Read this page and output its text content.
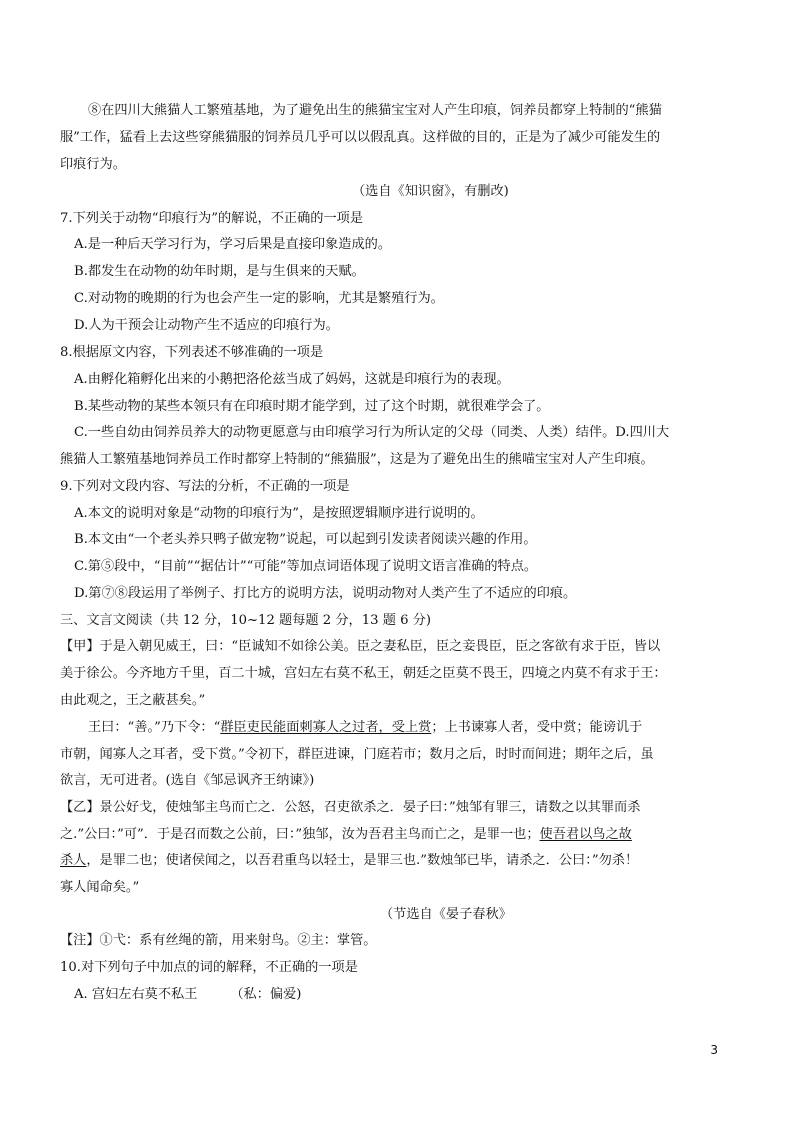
⑧在四川大熊猫人工繁殖基地，为了避免出生的熊猫宝宝对人产生印痕，饲养员都穿上特制的“熊猫
服”工作，猛看上去这些穿熊猫服的饲养员几乎可以以假乱真。这样做的目的，正是为了减少可能发生的
印痕行为。
（选自《知识窗》，有删改)
7.下列关于动物“印痕行为”的解说，不正确的一项是
A.是一种后天学习行为，学习后果是直接印象造成的。
B.都发生在动物的幼年时期，是与生俱来的天赋。
C.对动物的晚期的行为也会产生一定的影响，尤其是繁殖行为。
D.人为干预会让动物产生不适应的印痕行为。
8.根据原文内容，下列表述不够准确的一项是
A.由孵化箱孵化出来的小鹅把洛伦兹当成了妈妈，这就是印痕行为的表现。
B.某些动物的某些本领只有在印痕时期才能学到，过了这个时期，就很难学会了。
C.一些自幼由饲养员养大的动物更愿意与由印痕学习行为所认定的父母（同类、人类）结伴。D.四川大
熊猫人工繁殖基地饲养员工作时都穿上特制的“熊猫服”，这是为了避免出生的熊喵宝宝对人产生印痕。
9.下列对文段内容、写法的分析，不正确的一项是
A.本文的说明对象是“动物的印痕行为”，是按照逻辑顺序进行说明的。
B.本文由“一个老头养只鸭子做宠物”说起，可以起到引发读者阅读兴趣的作用。
C.第⑤段中，“目前”“据估计”“可能”等加点词语体现了说明文语言准确的特点。
D.第⑦⑧段运用了举例子、打比方的说明方法，说明动物对人类产生了不适应的印痕。
三、文言文阅读（共 12 分，10~12 题每题 2 分，13 题 6 分)
【甲】于是入朝见威王，曰：“臣诚知不如徐公美。臣之妻私臣，臣之妾畏臣，臣之客欲有求于臣，皆以
美于徐公。今齐地方千里，百二十城，宫妇左右莫不私王，朝廷之臣莫不畏王，四境之内莫不有求于王：
由此观之，王之蔽甚矣。”
王曰：“善。”乃下令：“群臣吏民能面刺寡人之过者，受上赏；上书谏寡人者，受中赏；能谤讥于
市朝，闻寡人之耳者，受下赏。”令初下，群臣进谏，门庭若市；数月之后，时时而间进；期年之后，虽
欲言，无可进者。(选自《邹忌讽齐王纳谏》)
【乙】景公好戈，使烛邹主鸟而亡之．公怒，召吏欲杀之．晏子曰：”烛邹有罪三，请数之以其罪而杀
之.”公曰：”可”．于是召而数之公前，曰：”独邹，汝为吾君主鸟而亡之，是罪一也；使吾君以鸟之故
杀人，是罪二也；使诸侯闻之，以吾君重鸟以轻士，是罪三也.”数烛邹已毕，请杀之．公曰：”勿杀！
寡人闻命矣。”
（节选自《晏子春秋》
【注】①弋：系有丝绳的箭，用来射鸟。②主：掌管。
10.对下列句子中加点的词的解释，不正确的一项是
A. 宫妇左右莫不私王　　　（私：偏爱)
3
